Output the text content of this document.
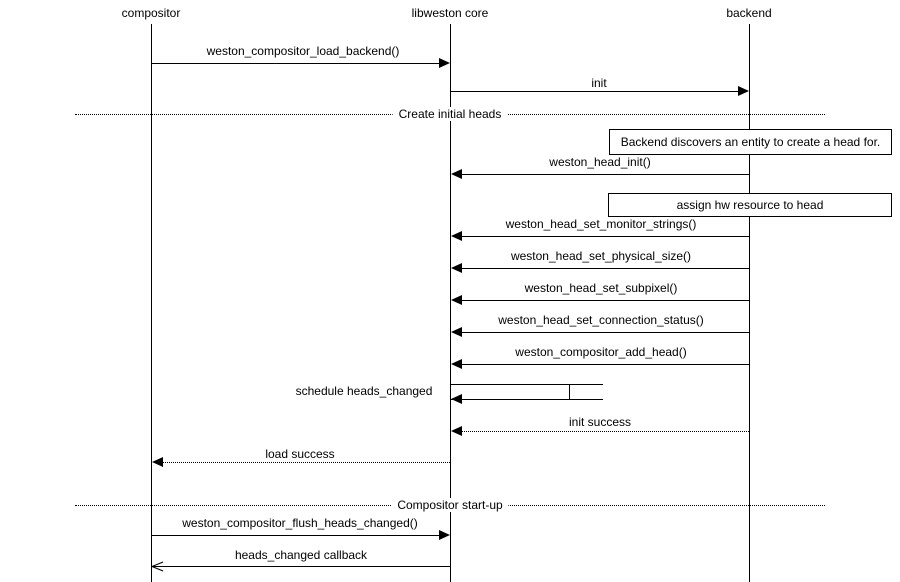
compositor	libweston core	backend
Create initial heads
Compositor start-up
weston_compositor_load_backend()
init
Backend discovers an entity to create a head for.
weston_head_init()
assign hw resource to head
weston_head_set_monitor_strings()
weston_head_set_physical_size()
weston_head_set_subpixel()
weston_head_set_connection_status()
weston_compositor_add_head()
schedule heads_changed
init success
load success
weston_compositor_flush_heads_changed()
heads_changed callback
